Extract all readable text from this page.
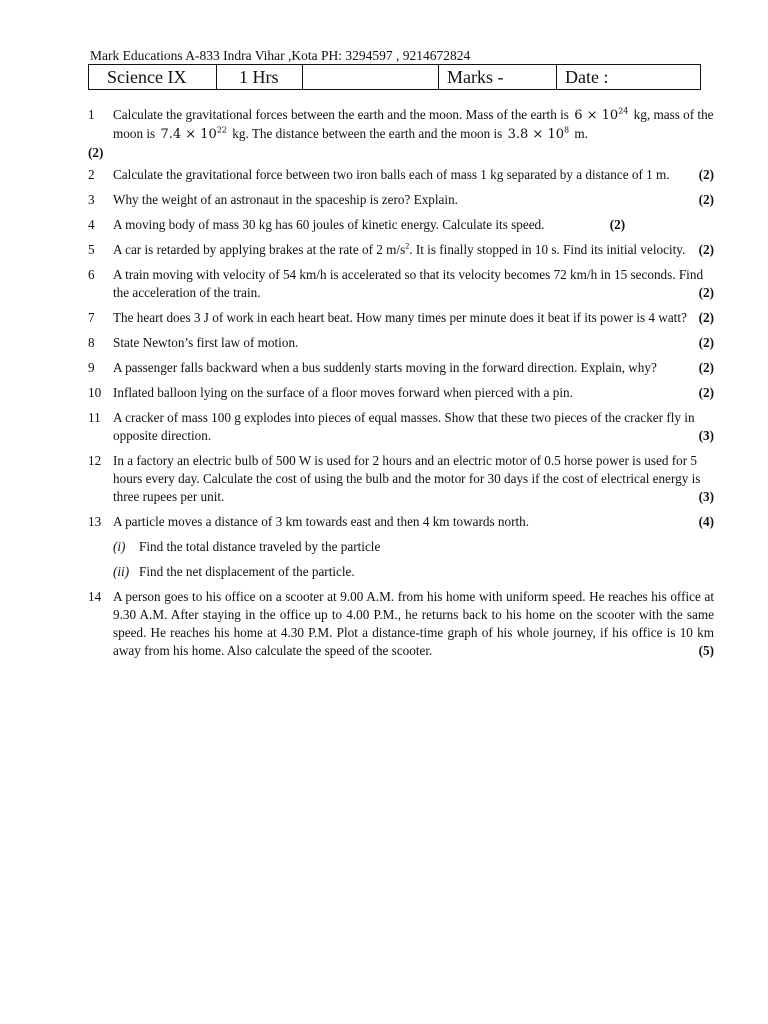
Mark Educations A-833 Indra Vihar ,Kota PH: 3294597 , 9214672824
Science IX	1 Hrs		Marks -	Date :
1 Calculate the gravitational forces between the earth and the moon. Mass of the earth is $6 \times 10^{24}$ kg, mass of the moon is $7.4 \times 10^{22}$ kg. The distance between the earth and the moon is $3.8 \times 10^8$ m.
(2)
2 Calculate the gravitational force between two iron balls each of mass 1 kg separated by a distance of 1 m. (2)
3 Why the weight of an astronaut in the spaceship is zero? Explain.	(2)
4 A moving body of mass 30 kg has 60 joules of kinetic energy. Calculate its speed.	(2)
5 A car is retarded by applying brakes at the rate of 2 $m/s^2$. It is finally stopped in 10 s. Find its initial velocity. (2)
6 A train moving with velocity of 54 km/h is accelerated so that its velocity becomes 72 km/h in 15 seconds. Find the acceleration of the train.	(2)
7 The heart does 3 J of work in each heart beat. How many times per minute does it beat if its power is 4 watt? (2)
8 State Newton’s first law of motion.	(2)
9 A passenger falls backward when a bus suddenly starts moving in the forward direction. Explain, why?	(2)
10 Inflated balloon lying on the surface of a floor moves forward when pierced with a pin.	(2)
11 A cracker of mass 100 g explodes into pieces of equal masses. Show that these two pieces of the cracker fly in opposite direction.	(3)
12 In a factory an electric bulb of 500 W is used for 2 hours and an electric motor of 0.5 horse power is used for 5 hours every day. Calculate the cost of using the bulb and the motor for 30 days if the cost of electrical energy is three rupees per unit.	(3)
13 A particle moves a distance of 3 km towards east and then 4 km towards north.	(4)
(i) Find the total distance traveled by the particle
(ii) Find the net displacement of the particle.
14 A person goes to his office on a scooter at 9.00 A.M. from his home with uniform speed. He reaches his office at 9.30 A.M. After staying in the office up to 4.00 P.M., he returns back to his home on the scooter with the same speed. He reaches his home at 4.30 P.M. Plot a distance-time graph of his whole journey, if his office is 10 km away from his home. Also calculate the speed of the scooter.	(5)
